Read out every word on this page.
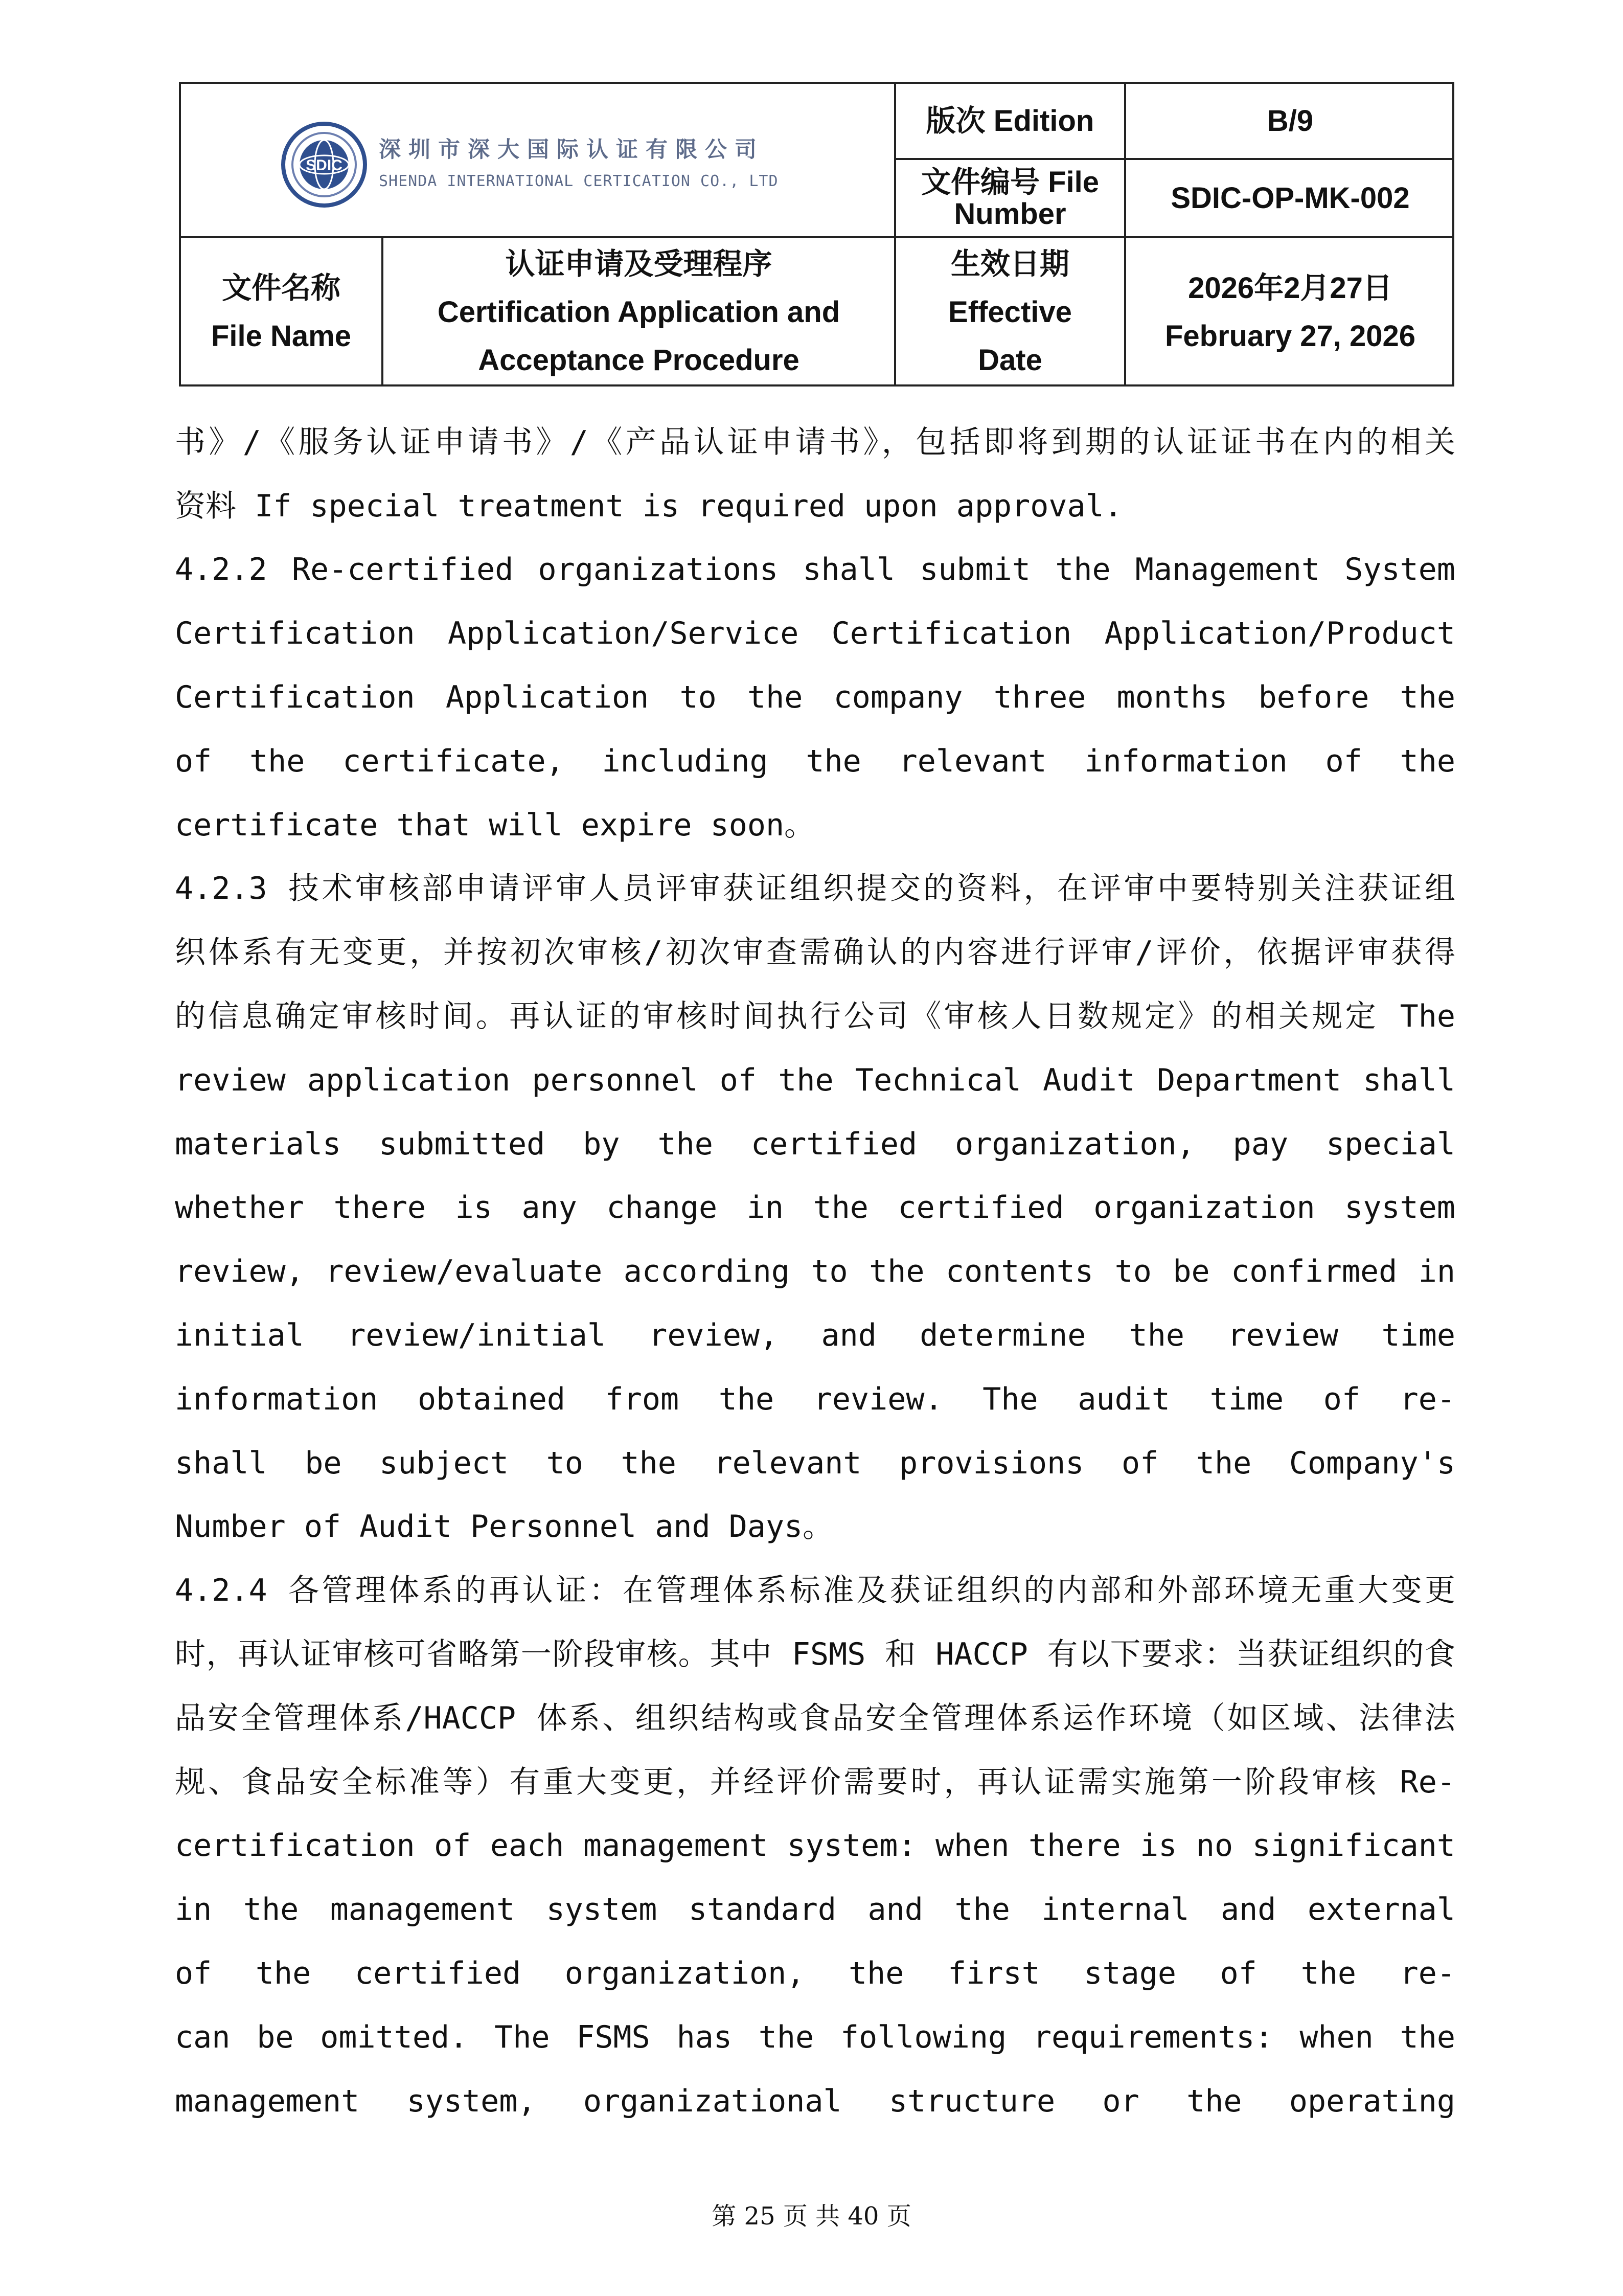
SDIC
深圳市深大国际认证有限公司
SHENDA INTERNATIONAL CERTICATION CO., LTD
版次 Edition	B/9
文件编号 File
Number	SDIC-OP-MK-002
文件名称
File Name
认证申请及受理程序
Certification Application and
Acceptance Procedure
生效日期
Effective
Date
2026年2月27日
February 27, 2026
书》/《服务认证申请书》/《产品认证申请书》，包括即将到期的认证证书在内的相关
资料 If special treatment is required upon approval.
4.2.2 Re-certified organizations shall submit the Management System
Certification Application/Service Certification Application/Product
Certification Application to the company three months before the
of the certificate, including the relevant information of the
certificate that will expire soon。
4.2.3 技术审核部申请评审人员评审获证组织提交的资料，在评审中要特别关注获证组
织体系有无变更，并按初次审核/初次审查需确认的内容进行评审/评价，依据评审获得
的信息确定审核时间。再认证的审核时间执行公司《审核人日数规定》的相关规定 The
review application personnel of the Technical Audit Department shall
materials submitted by the certified organization, pay special
whether there is any change in the certified organization system
review, review/evaluate according to the contents to be confirmed in
initial review/initial review, and determine the review time
information obtained from the review. The audit time of re-
shall be subject to the relevant provisions of the Company's
Number of Audit Personnel and Days。
4.2.4 各管理体系的再认证：在管理体系标准及获证组织的内部和外部环境无重大变更
时，再认证审核可省略第一阶段审核。其中 FSMS 和 HACCP 有以下要求：当获证组织的食
品安全管理体系/HACCP 体系、组织结构或食品安全管理体系运作环境（如区域、法律法
规、食品安全标准等）有重大变更，并经评价需要时，再认证需实施第一阶段审核 Re-
certification of each management system: when there is no significant
in the management system standard and the internal and external
of the certified organization, the first stage of the re-
can be omitted. The FSMS has the following requirements: when the
management system, organizational structure or the operating
第 25 页 共 40 页
